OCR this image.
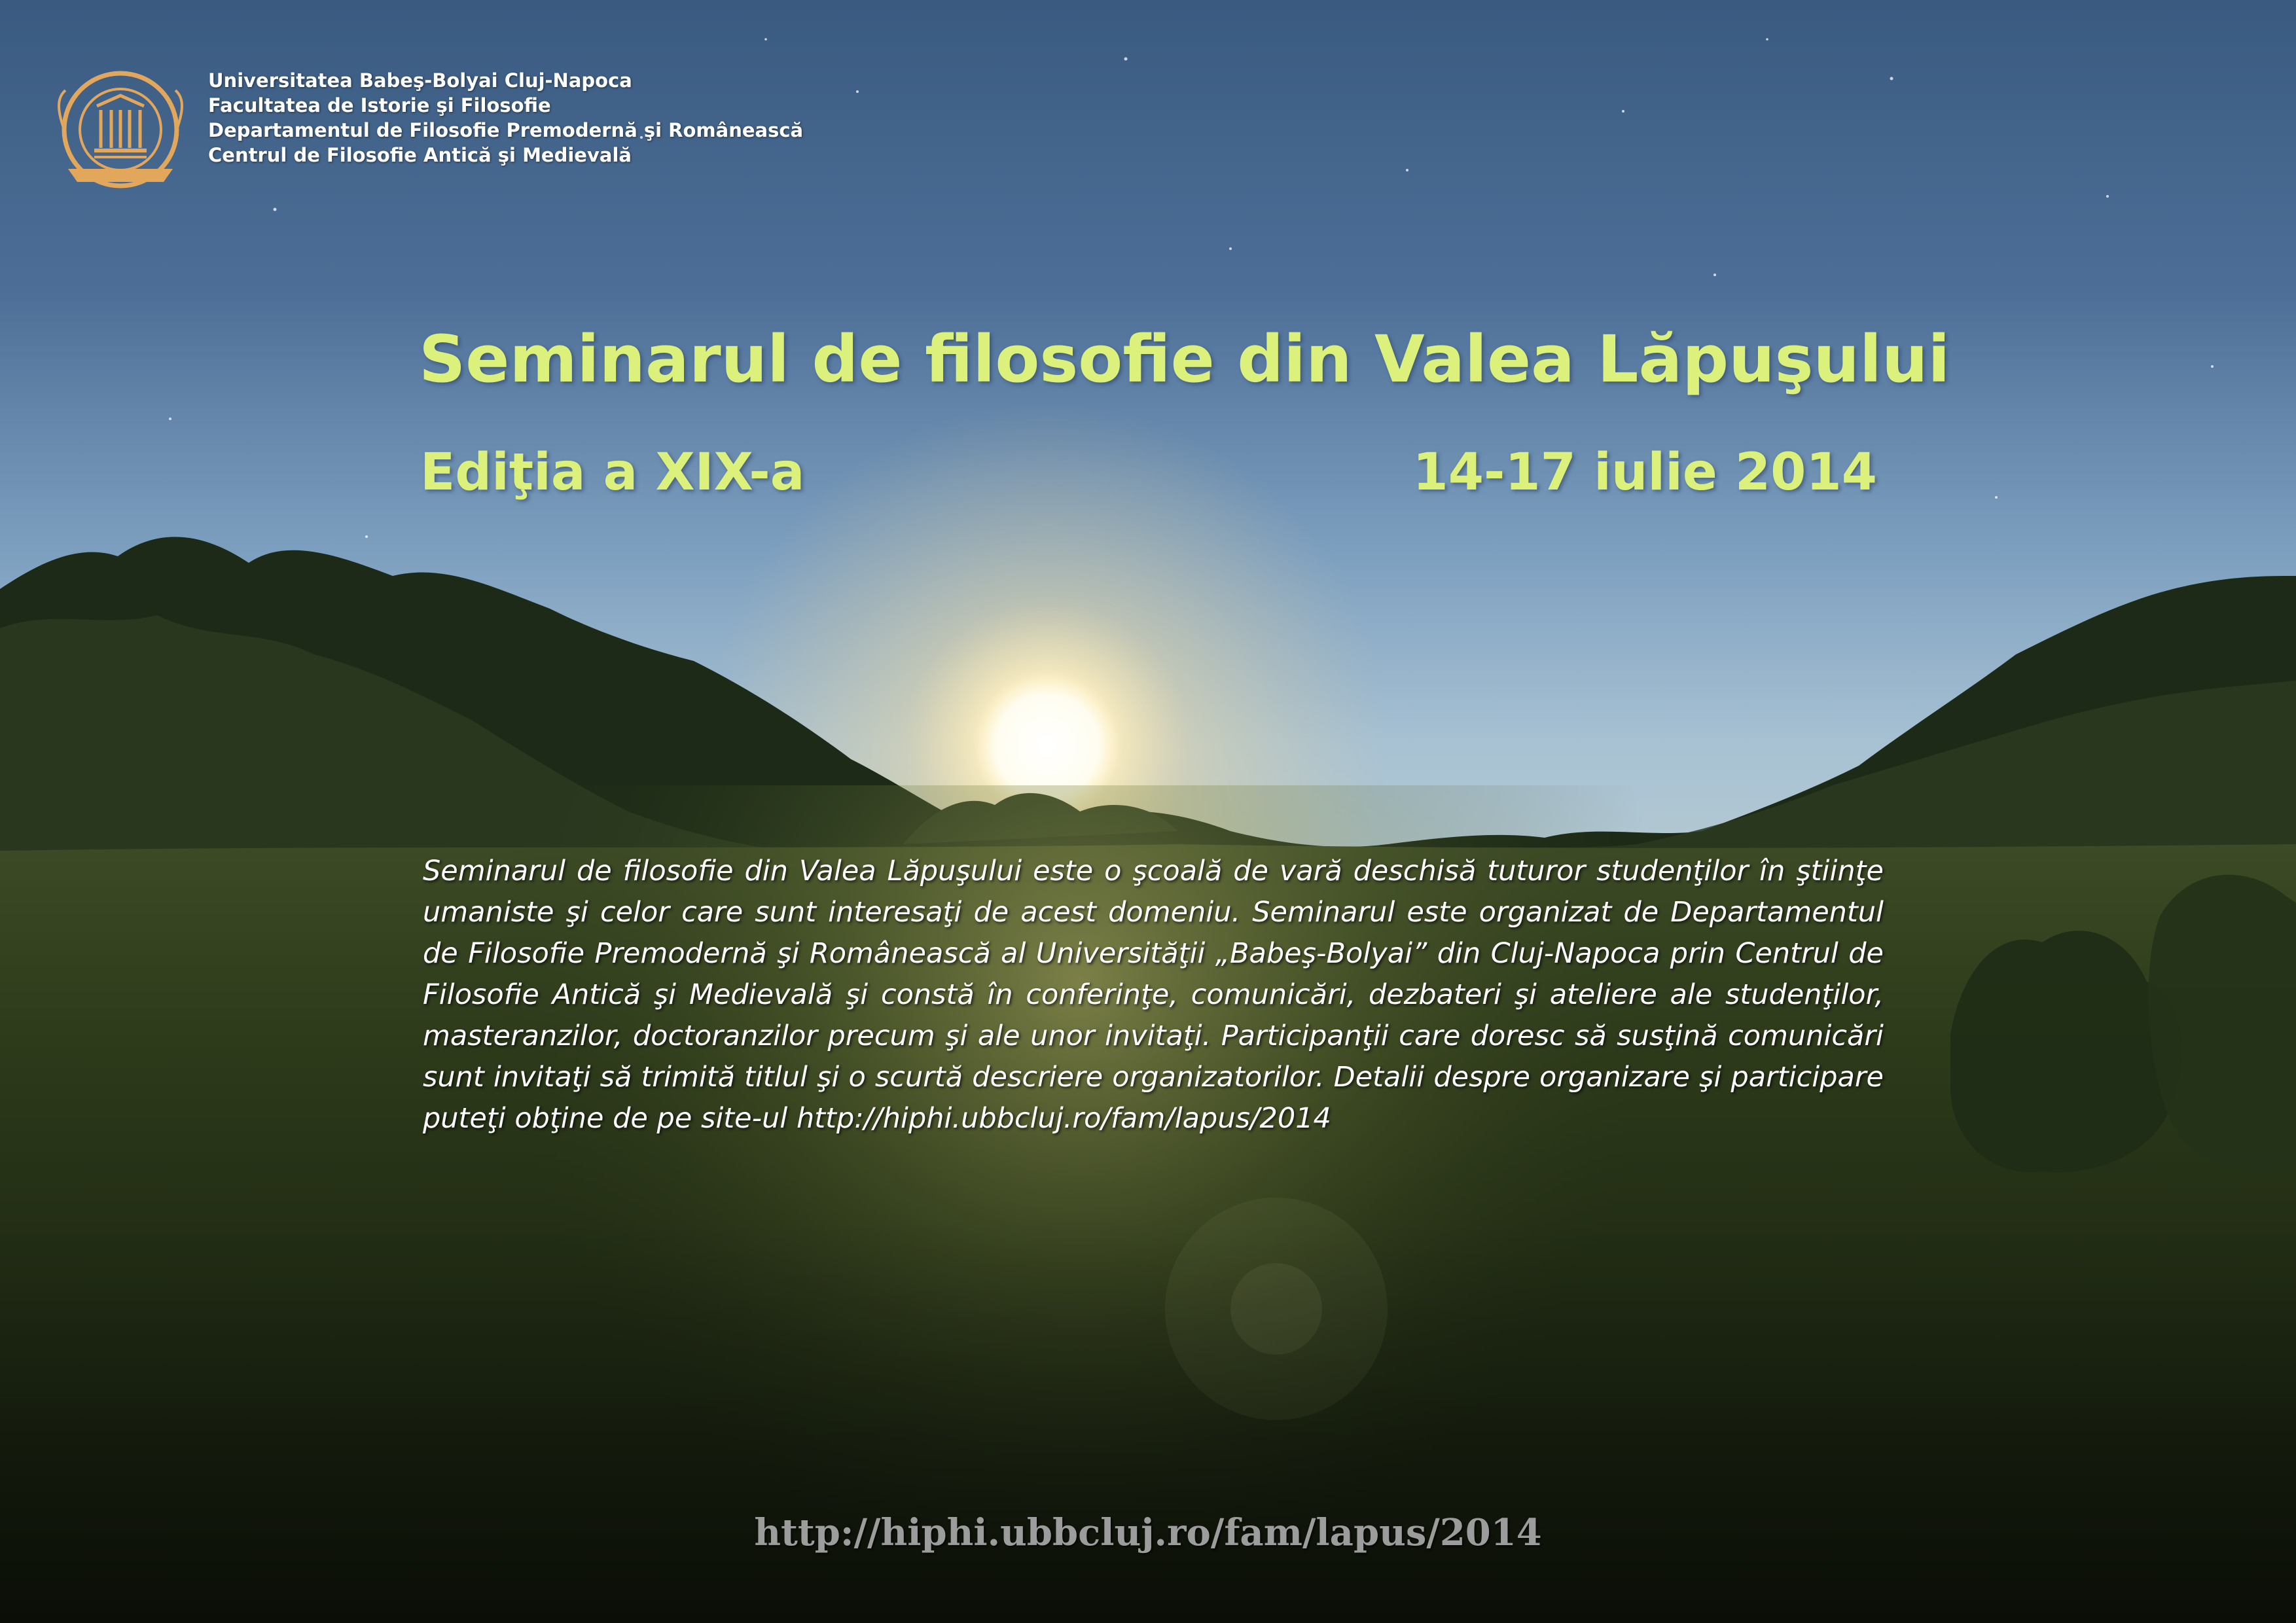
Universitatea Babeş-Bolyai Cluj-Napoca
Facultatea de Istorie şi Filosofie
Departamentul de Filosofie Premodernă şi Românească
Centrul de Filosofie Antică şi Medievală
Seminarul de filosofie din Valea Lăpuşului
Ediţia a XIX-a	14-17 iulie 2014
Seminarul de filosofie din Valea Lăpuşului este o şcoală de vară deschisă tuturor studenţilor în ştiinţe umaniste şi celor care sunt interesaţi de acest domeniu. Seminarul este organizat de Departamentul de Filosofie Premodernă şi Românească al Universităţii „Babeş-Bolyai” din Cluj-Napoca prin Centrul de Filosofie Antică şi Medievală şi constă în conferinţe, comunicări, dezbateri şi ateliere ale studenţilor, masteranzilor, doctoranzilor precum şi ale unor invitaţi. Participanţii care doresc să susţină comunicări sunt invitaţi să trimită titlul şi o scurtă descriere organizatorilor. Detalii despre organizare şi participare puteţi obţine de pe site-ul http://hiphi.ubbcluj.ro/fam/lapus/2014
http://hiphi.ubbcluj.ro/fam/lapus/2014
